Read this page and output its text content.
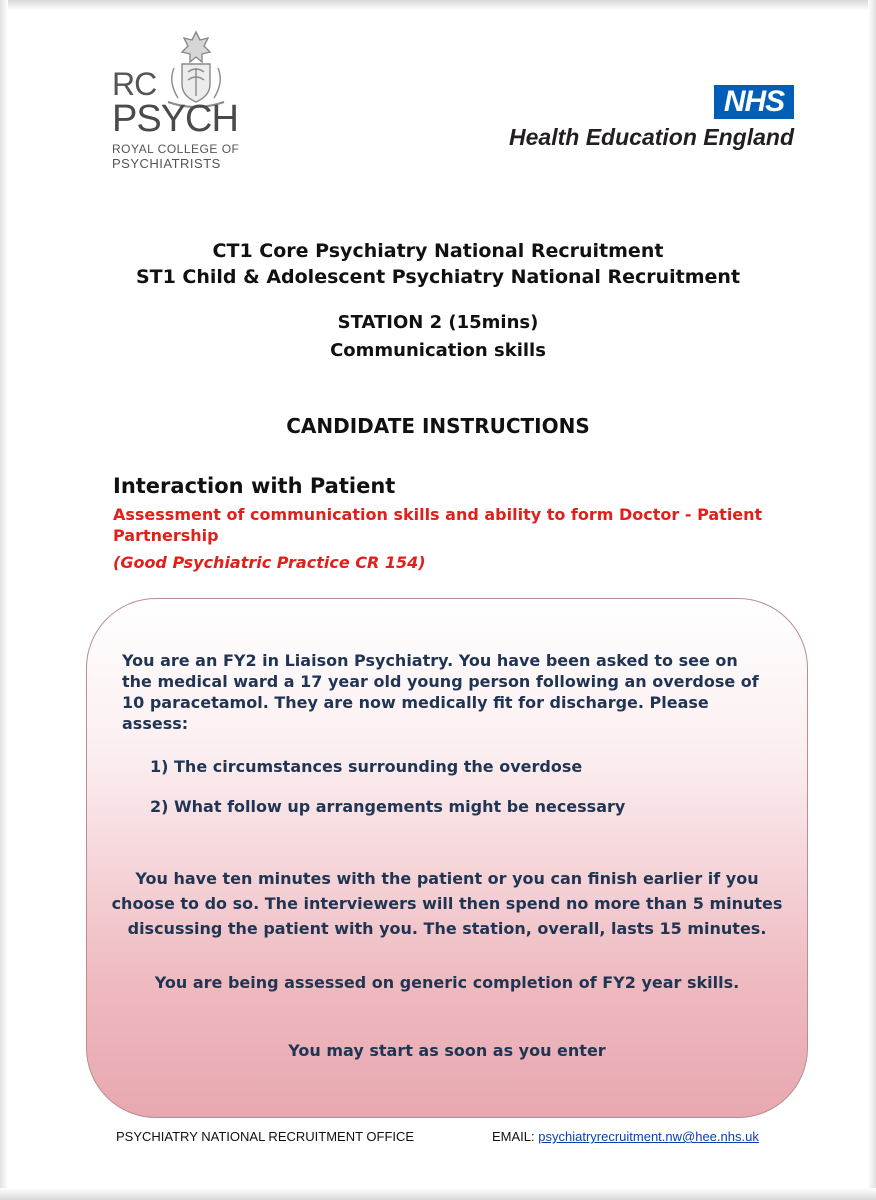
RC
PSYCH
ROYAL COLLEGE OF
PSYCHIATRISTS
NHS
Health Education England
CT1 Core Psychiatry National Recruitment
ST1 Child & Adolescent Psychiatry National Recruitment
STATION 2 (15mins)
Communication skills
CANDIDATE INSTRUCTIONS
Interaction with Patient
Assessment of communication skills and ability to form Doctor - Patient Partnership
(Good Psychiatric Practice CR 154)
You are an FY2 in Liaison Psychiatry. You have been asked to see on the medical ward a 17 year old young person following an overdose of 10 paracetamol. They are now medically fit for discharge. Please assess:
1) The circumstances surrounding the overdose
2) What follow up arrangements might be necessary
You have ten minutes with the patient or you can finish earlier if you choose to do so. The interviewers will then spend no more than 5 minutes discussing the patient with you. The station, overall, lasts 15 minutes.
You are being assessed on generic completion of FY2 year skills.
You may start as soon as you enter
PSYCHIATRY NATIONAL RECRUITMENT OFFICE	EMAIL: psychiatryrecruitment.nw@hee.nhs.uk
